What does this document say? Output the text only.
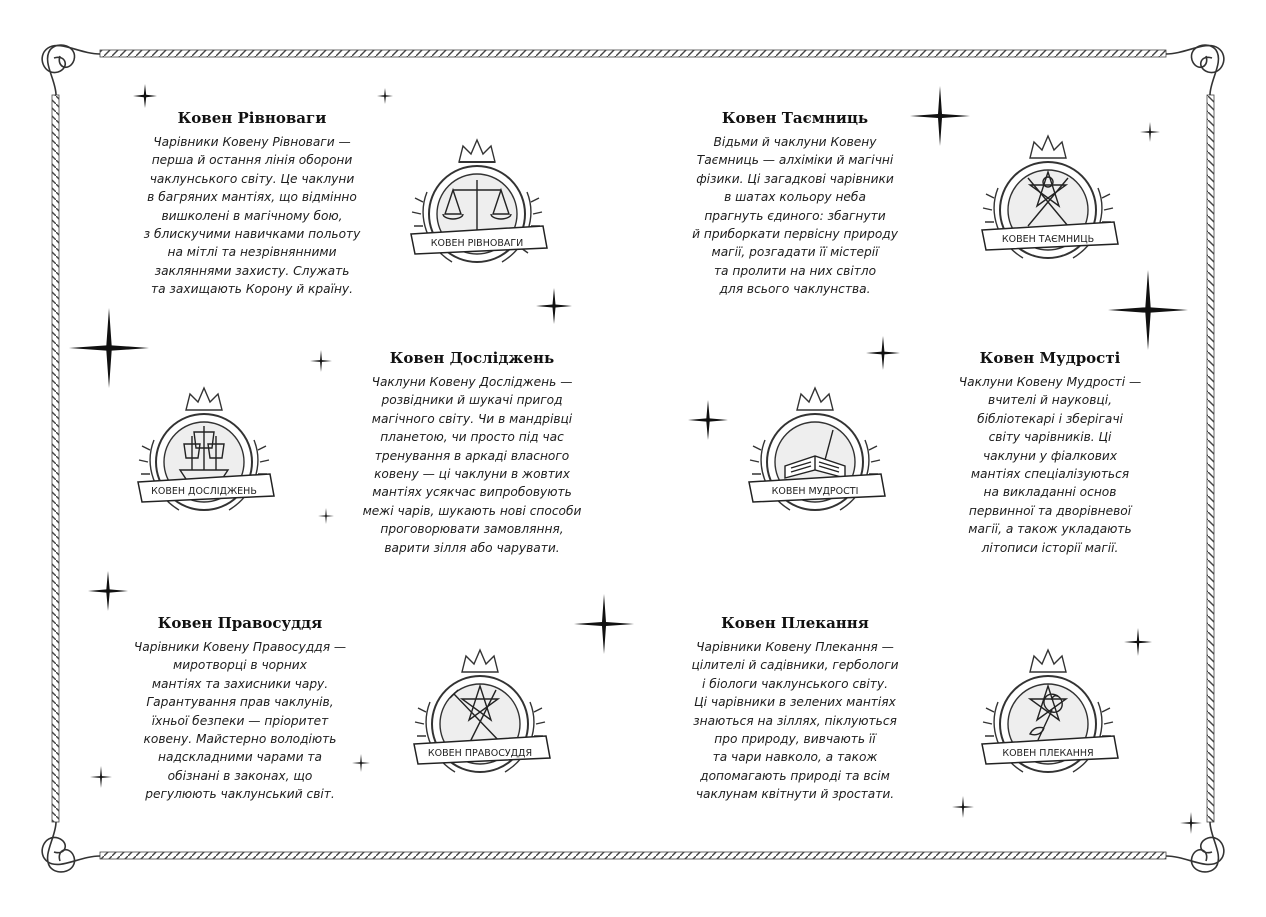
Ковен Рівноваги

Чарівники Ковену Рівноваги —
перша й остання лінія оборони
чаклунського світу. Це чаклуни
в багряних мантіях, що відмінно
вишколені в магічному бою,
з блискучими навичками польоту
на мітлі та незрівнянними
закляннями захисту. Служать
та захищають Корону й країну.

Ковен Таємниць

Відьми й чаклуни Ковену
Таємниць — алхіміки й магічні
фізики. Ці загадкові чарівники
в шатах кольору неба
прагнуть єдиного: збагнути
й приборкати первісну природу
магії, розгадати її містерії
та пролити на них світло
для всього чаклунства.

Ковен Досліджень

Чаклуни Ковену Досліджень —
розвідники й шукачі пригод
магічного світу. Чи в мандрівці
планетою, чи просто під час
тренування в аркаді власного
ковену — ці чаклуни в жовтих
мантіях усякчас випробовують
межі чарів, шукають нові способи
проговорювати замовляння,
варити зілля або чарувати.

Ковен Мудрості

Чаклуни Ковену Мудрості —
вчителі й науковці,
бібліотекарі і зберігачі
світу чарівників. Ці
чаклуни у фіалкових
мантіях спеціалізуються
на викладанні основ
первинної та дворівневої
магії, а також укладають
літописи історії магії.

Ковен Правосуддя

Чарівники Ковену Правосуддя —
миротворці в чорних
мантіях та захисники чару.
Гарантування прав чаклунів,
їхньої безпеки — пріоритет
ковену. Майстерно володіють
надскладними чарами та
обізнані в законах, що
регулюють чаклунський світ.

Ковен Плекання

Чарівники Ковену Плекання —
цілителі й садівники, гербологи
і біологи чаклунського світу.
Ці чарівники в зелених мантіях
знаються на зіллях, піклуються
про природу, вивчають її
та чари навколо, а також
допомагають природі та всім
чаклунам квітнути й зростати.

КОВЕН РІВНОВАГИ	КОВЕН ТАЄМНИЦЬ
КОВЕН ДОСЛІДЖЕНЬ	КОВЕН МУДРОСТІ
КОВЕН ПРАВОСУДДЯ	КОВЕН ПЛЕКАННЯ
